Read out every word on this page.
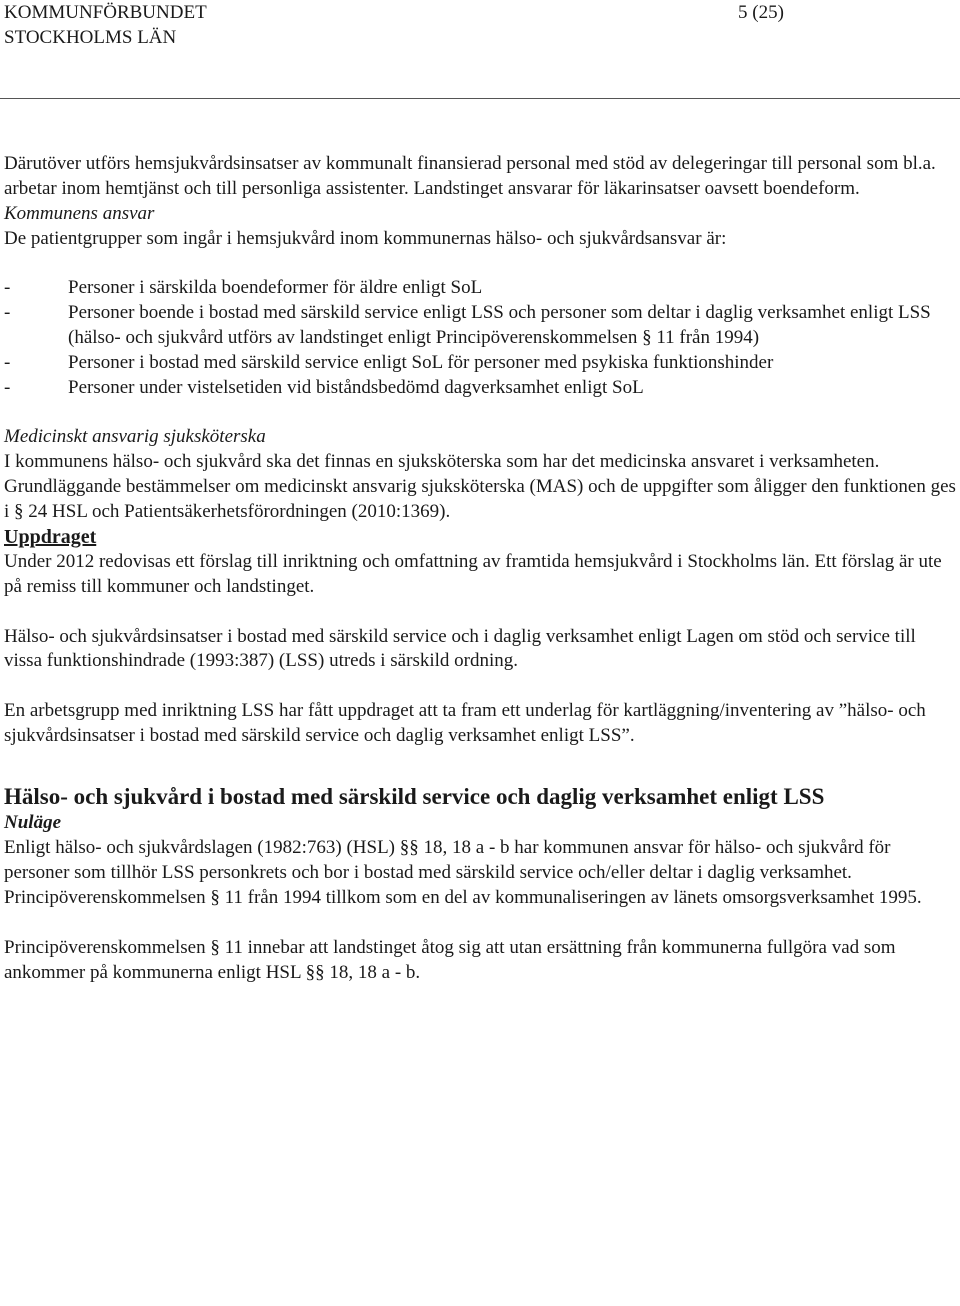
KOMMUNFÖRBUNDET
STOCKHOLMS LÄN
5 (25)

Därutöver utförs hemsjukvårdsinsatser av kommunalt finansierad personal med stöd av delegeringar till personal som bl.a. arbetar inom hemtjänst och till personliga assistenter. Landstinget ansvarar för läkarinsatser oavsett boendeform.

Kommunens ansvar

De patientgrupper som ingår i hemsjukvård inom kommunernas hälso- och sjukvårdsansvar är:

-	Personer i särskilda boendeformer för äldre enligt SoL
-	Personer boende i bostad med särskild service enligt LSS och personer som deltar i daglig verksamhet enligt LSS (hälso- och sjukvård utförs av landstinget enligt Principöverenskommelsen § 11 från 1994)
-	Personer i bostad med särskild service enligt SoL för personer med psykiska funktionshinder
-	Personer under vistelsetiden vid biståndsbedömd dagverksamhet enligt SoL

Medicinskt ansvarig sjuksköterska

I kommunens hälso- och sjukvård ska det finnas en sjuksköterska som har det medicinska ansvaret i verksamheten. Grundläggande bestämmelser om medicinskt ansvarig sjuksköterska (MAS) och de uppgifter som åligger den funktionen ges i § 24 HSL och Patientsäkerhetsförordningen (2010:1369).

Uppdraget

Under 2012 redovisas ett förslag till inriktning och omfattning av framtida hemsjukvård i Stockholms län. Ett förslag är ute på remiss till kommuner och landstinget.

Hälso- och sjukvårdsinsatser i bostad med särskild service och i daglig verksamhet enligt Lagen om stöd och service till vissa funktionshindrade (1993:387) (LSS) utreds i särskild ordning.

En arbetsgrupp med inriktning LSS har fått uppdraget att ta fram ett underlag för kartläggning/inventering av ”hälso- och sjukvårdsinsatser i bostad med särskild service och daglig verksamhet enligt LSS”.

Hälso- och sjukvård i bostad med särskild service och daglig verksamhet enligt LSS

Nuläge

Enligt hälso- och sjukvårdslagen (1982:763) (HSL) §§ 18, 18 a - b har kommunen ansvar för hälso- och sjukvård för personer som tillhör LSS personkrets och bor i bostad med särskild service och/eller deltar i daglig verksamhet. Principöverenskommelsen § 11 från 1994 tillkom som en del av kommunaliseringen av länets omsorgsverksamhet 1995.

Principöverenskommelsen § 11 innebar att landstinget åtog sig att utan ersättning från kommunerna fullgöra vad som ankommer på kommunerna enligt HSL §§ 18, 18 a - b.
